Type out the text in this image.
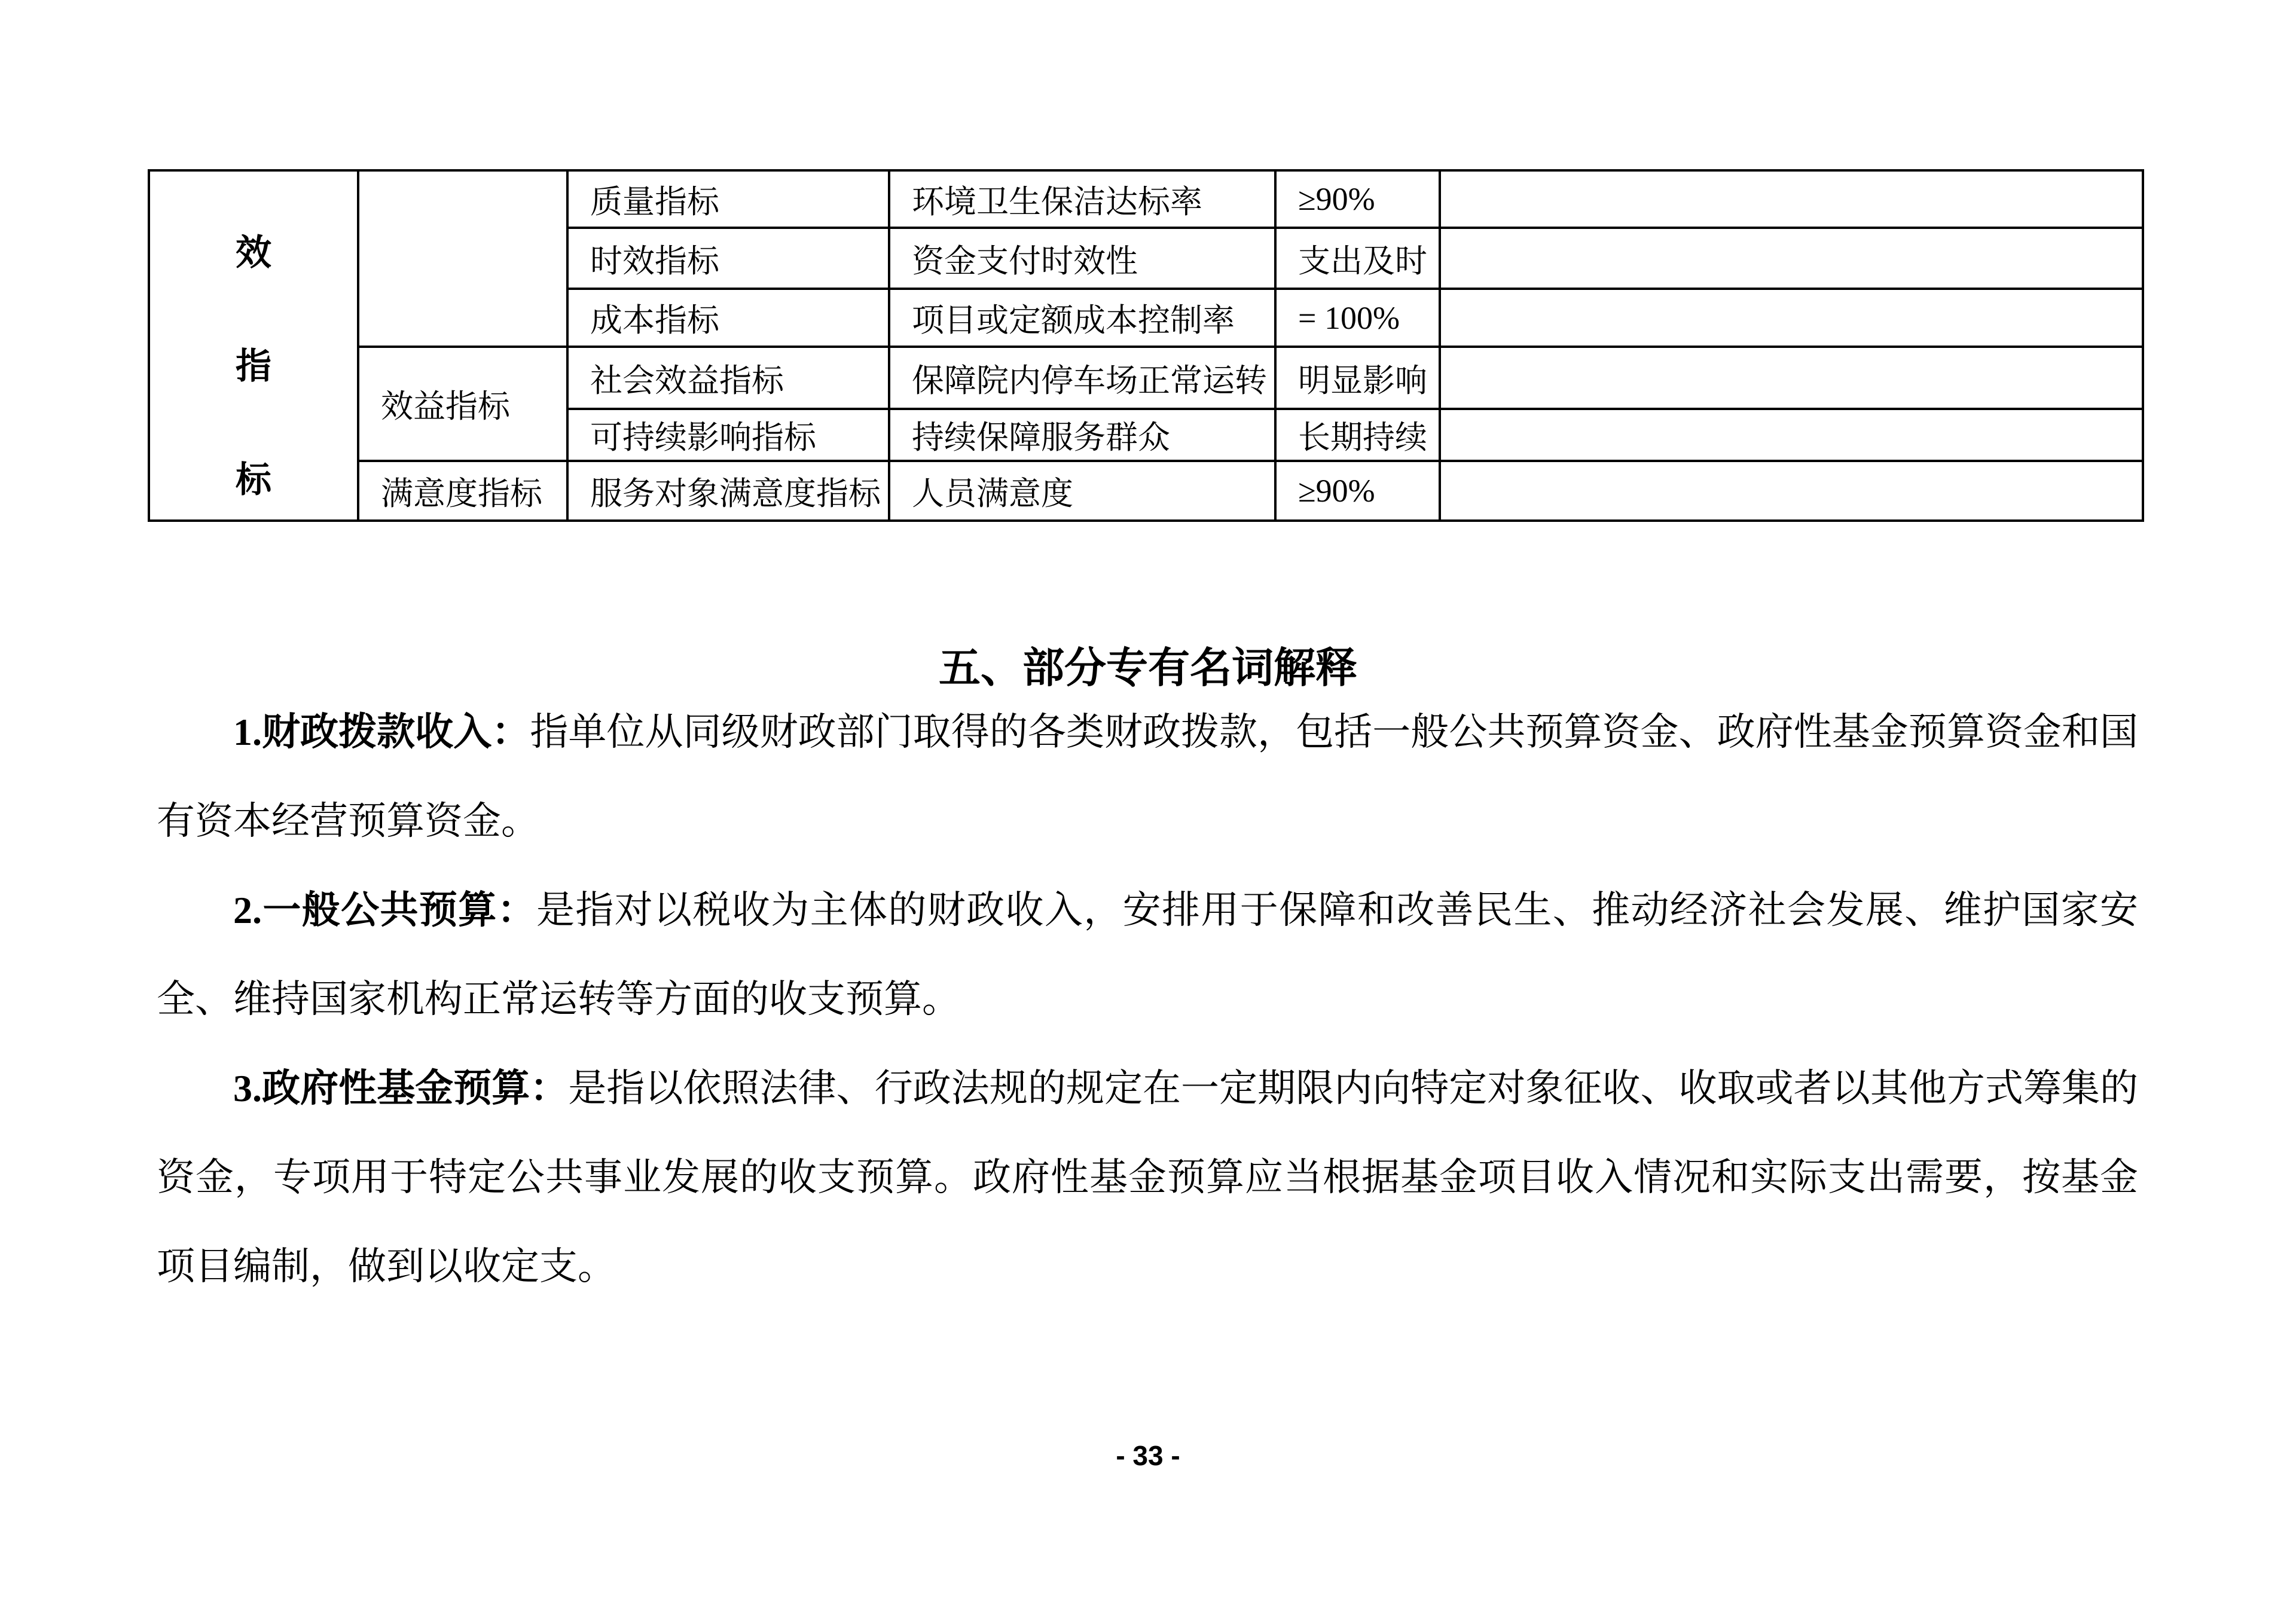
效
指
标		质量指标	环境卫生保洁达标率	≥90%	
		时效指标	资金支付时效性	支出及时	
		成本指标	项目或定额成本控制率	= 100%	
	效益指标	社会效益指标	保障院内停车场正常运转	明显影响	
		可持续影响指标	持续保障服务群众	长期持续	
	满意度指标	服务对象满意度指标	人员满意度	≥90%	
五、部分专有名词解释

1.财政拨款收入：指单位从同级财政部门取得的各类财政拨款，包括一般公共预算资金、政府性基金预算资金和国有资本经营预算资金。

2.一般公共预算：是指对以税收为主体的财政收入，安排用于保障和改善民生、推动经济社会发展、维护国家安全、维持国家机构正常运转等方面的收支预算。

3.政府性基金预算：是指以依照法律、行政法规的规定在一定期限内向特定对象征收、收取或者以其他方式筹集的资金，专项用于特定公共事业发展的收支预算。政府性基金预算应当根据基金项目收入情况和实际支出需要，按基金项目编制，做到以收定支。

- 33 -
